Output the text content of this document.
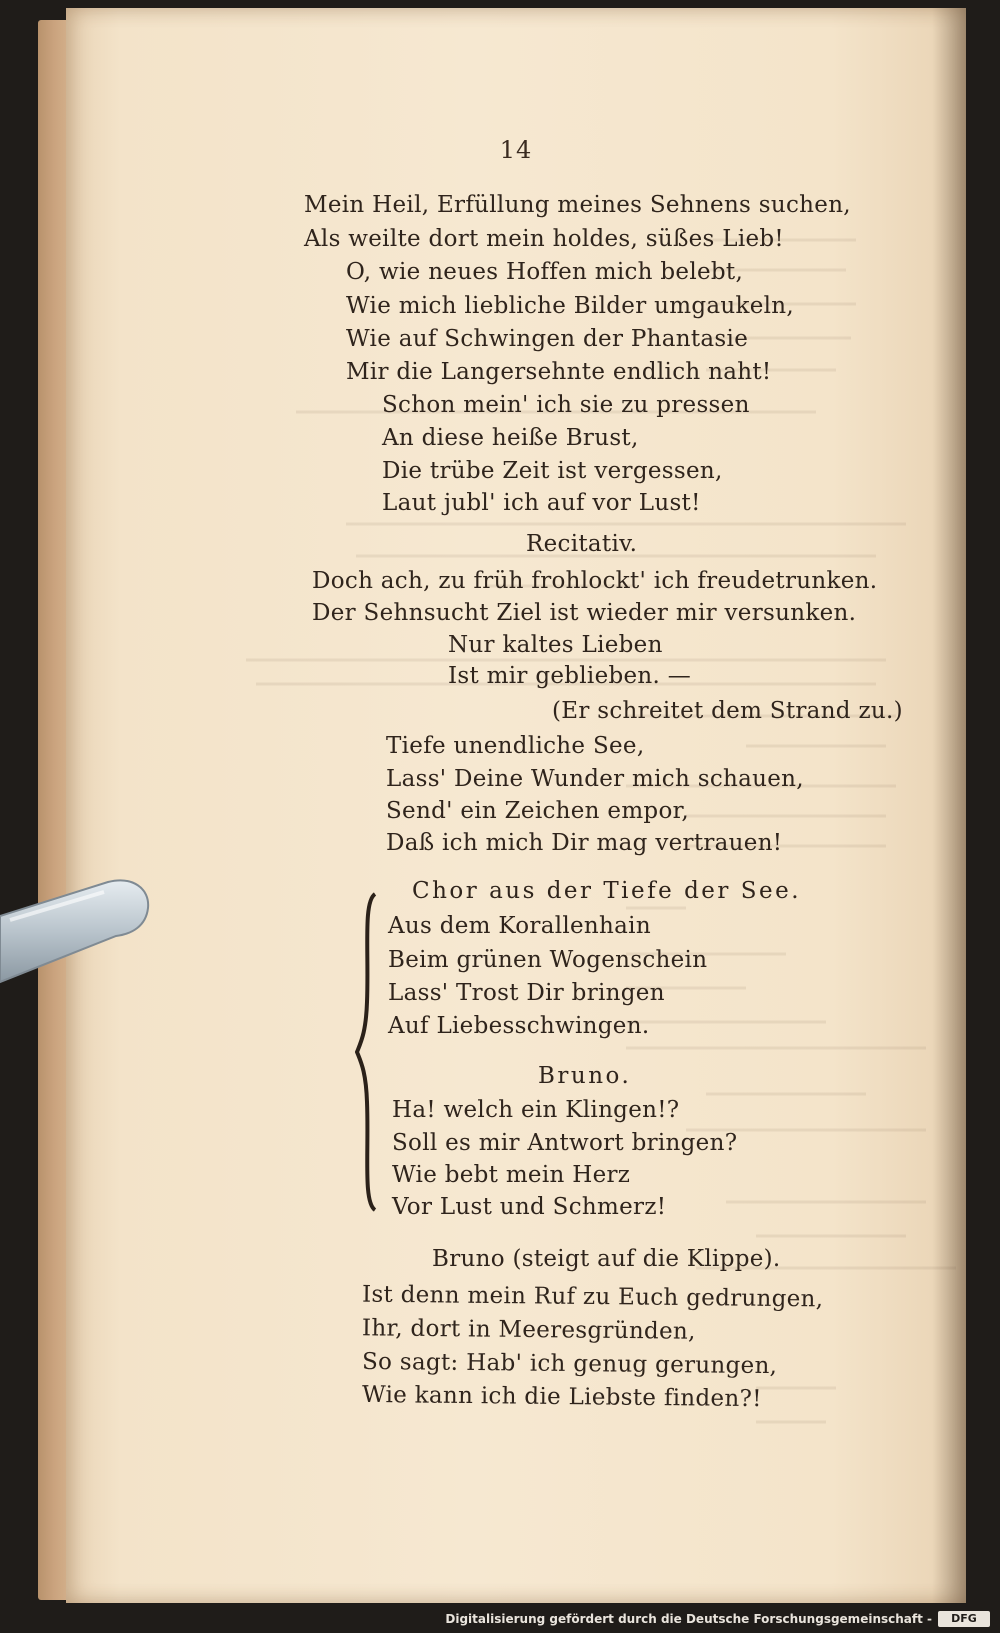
14
Mein Heil, Erfüllung meines Sehnens suchen,
Als weilte dort mein holdes, süßes Lieb!
O, wie neues Hoffen mich belebt,
Wie mich liebliche Bilder umgaukeln,
Wie auf Schwingen der Phantasie
Mir die Langersehnte endlich naht!
Schon mein' ich sie zu pressen
An diese heiße Brust,
Die trübe Zeit ist vergessen,
Laut jubl' ich auf vor Lust!
Recitativ.
Doch ach, zu früh frohlockt' ich freudetrunken.
Der Sehnsucht Ziel ist wieder mir versunken.
Nur kaltes Lieben
Ist mir geblieben. —
(Er schreitet dem Strand zu.)
Tiefe unendliche See,
Lass' Deine Wunder mich schauen,
Send' ein Zeichen empor,
Daß ich mich Dir mag vertrauen!
Chor aus der Tiefe der See.
Aus dem Korallenhain
Beim grünen Wogenschein
Lass' Trost Dir bringen
Auf Liebesschwingen.
Bruno.
Ha! welch ein Klingen!?
Soll es mir Antwort bringen?
Wie bebt mein Herz
Vor Lust und Schmerz!
Bruno (steigt auf die Klippe).
Ist denn mein Ruf zu Euch gedrungen,
Ihr, dort in Meeresgründen,
So sagt: Hab' ich genug gerungen,
Wie kann ich die Liebste finden?!
Digitalisierung gefördert durch die Deutsche Forschungsgemeinschaft -	DFG
